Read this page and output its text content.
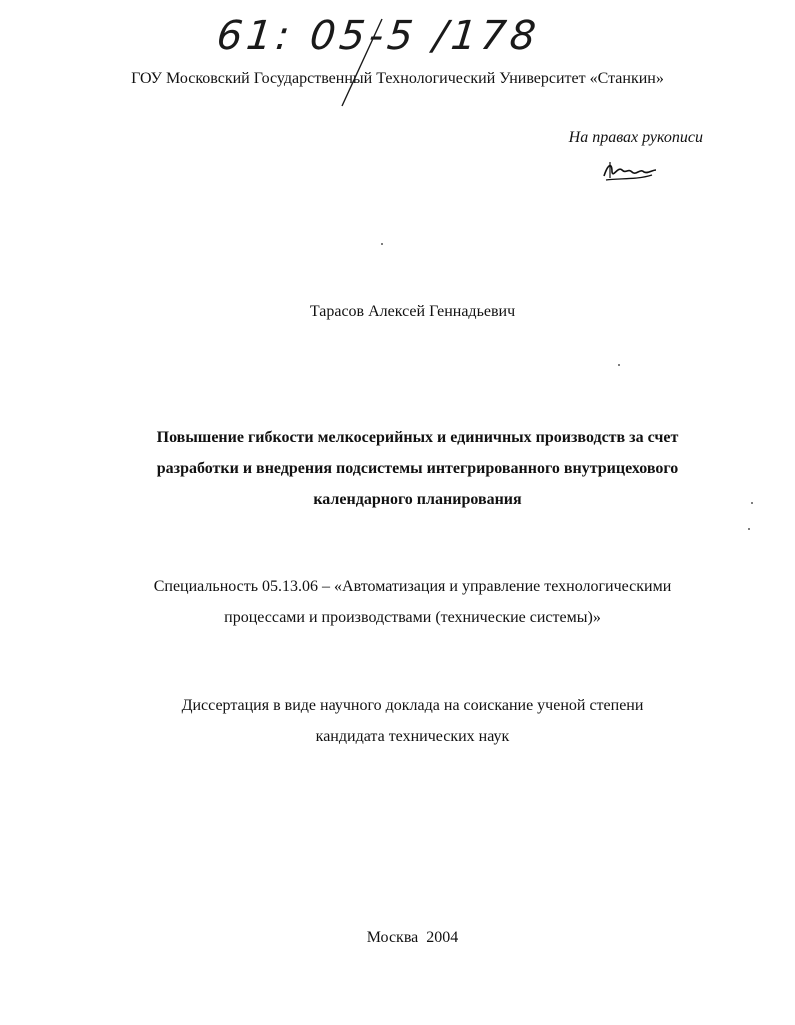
61: 05-5 /178
ГОУ Московский Государственный Технологический Университет «Станкин»
На правах рукописи
Тарасов Алексей Геннадьевич
Повышение гибкости мелкосерийных и единичных производств за счет
разработки и внедрения подсистемы интегрированного внутрицехового
календарного планирования
Специальность 05.13.06 – «Автоматизация и управление технологическими
процессами и производствами (технические системы)»
Диссертация в виде научного доклада на соискание ученой степени
кандидата технических наук
Москва 2004
